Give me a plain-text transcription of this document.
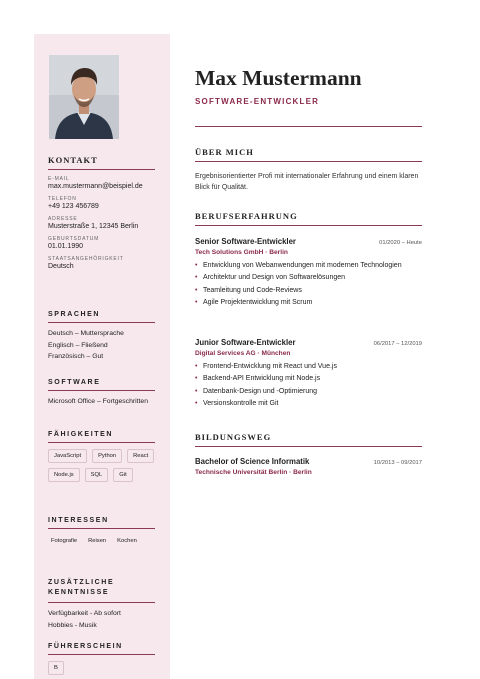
KONTAKT
E-MAIL
max.mustermann@beispiel.de
TELEFON
+49 123 456789
ADRESSE
Musterstraße 1, 12345 Berlin
GEBURTSDATUM
01.01.1990
STAATSANGEHÖRIGKEIT
Deutsch
SPRACHEN
Deutsch – Muttersprache
Englisch – Fließend
Französisch – Gut
SOFTWARE
Microsoft Office – Fortgeschritten
FÄHIGKEITEN
JavaScript	Python	React
Node.js	SQL	Git
INTERESSEN
Fotografie	Reisen	Kochen
ZUSÄTZLICHE KENNTNISSE
Verfügbarkeit - Ab sofort
Hobbies - Musik
FÜHRERSCHEIN
B
Max Mustermann
SOFTWARE-ENTWICKLER
ÜBER MICH
Ergebnisorientierter Profi mit internationaler Erfahrung und einem klaren Blick für Qualität.
BERUFSERFAHRUNG
Senior Software-Entwickler	01/2020 – Heute
Tech Solutions GmbH · Berlin
• Entwicklung von Webanwendungen mit modernen Technologien
• Architektur und Design von Softwarelösungen
• Teamleitung und Code-Reviews
• Agile Projektentwicklung mit Scrum
Junior Software-Entwickler	06/2017 – 12/2019
Digital Services AG · München
• Frontend-Entwicklung mit React und Vue.js
• Backend-API Entwicklung mit Node.js
• Datenbank-Design und -Optimierung
• Versionskontrolle mit Git
BILDUNGSWEG
Bachelor of Science Informatik	10/2013 – 09/2017
Technische Universität Berlin · Berlin
